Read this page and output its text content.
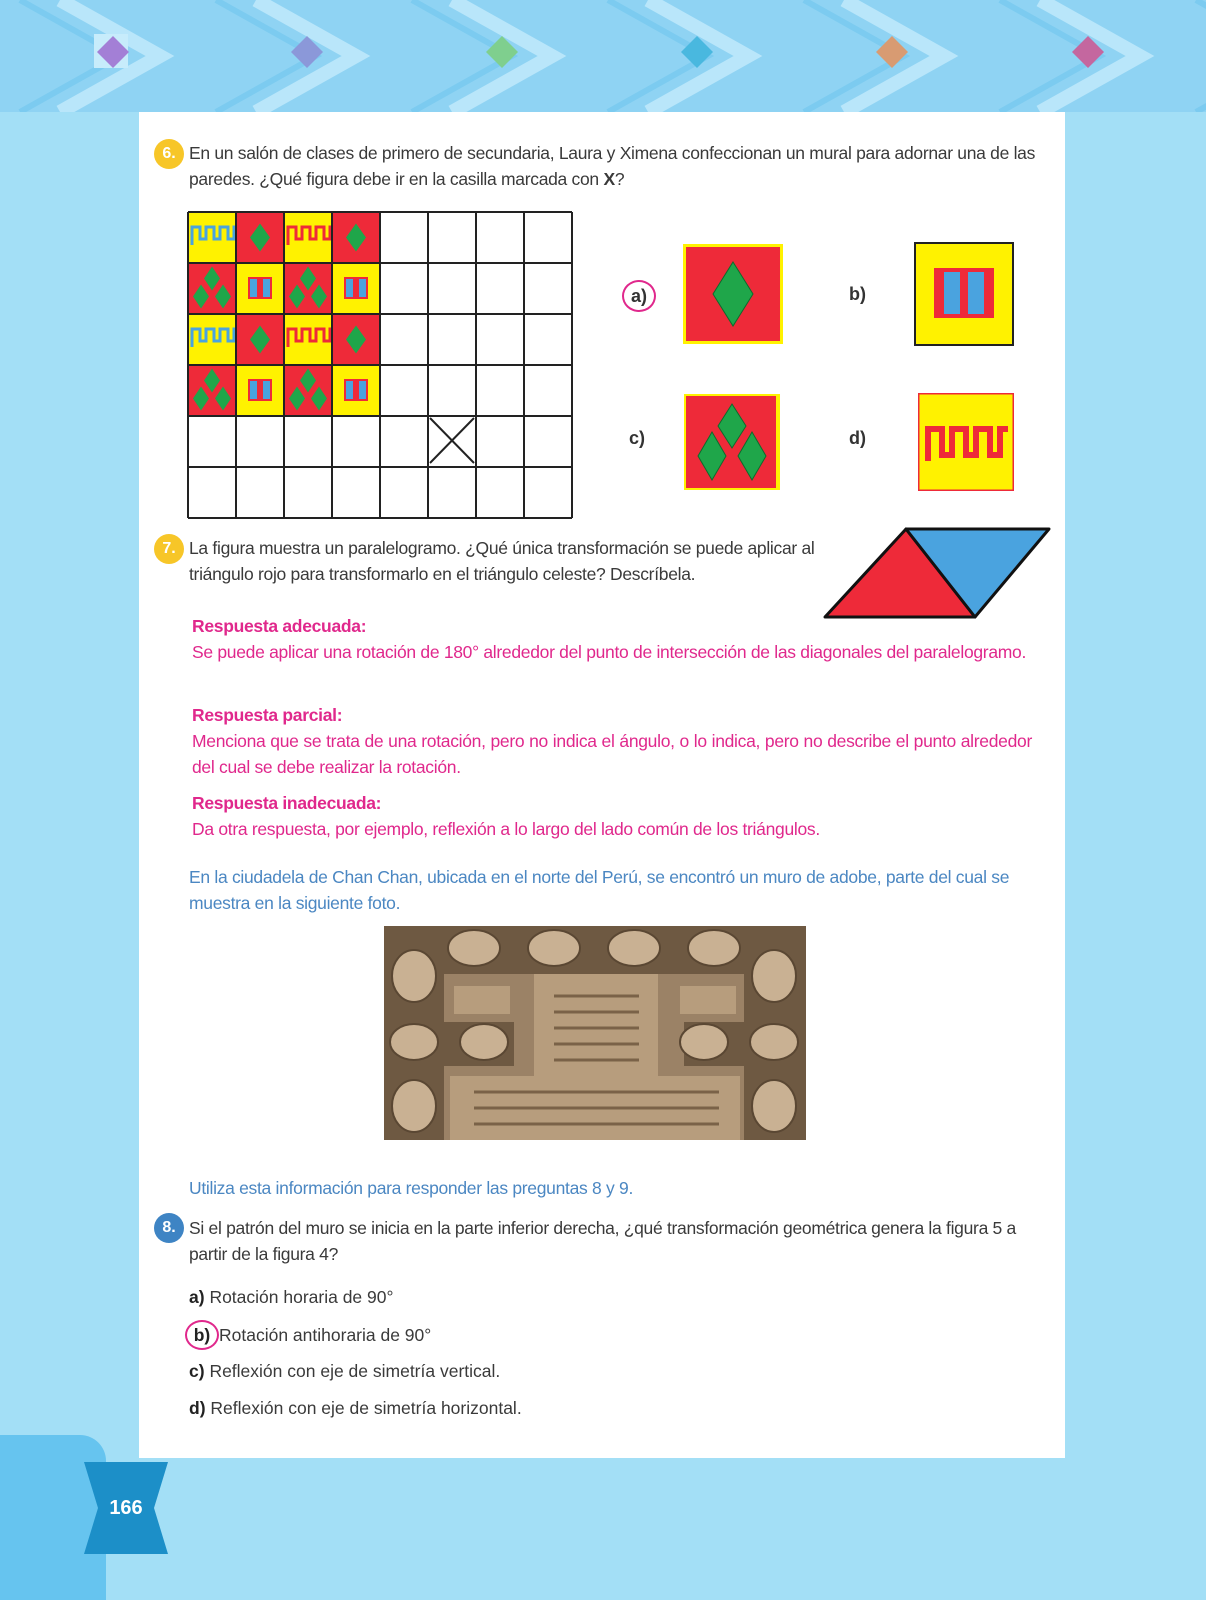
166
6. En un salón de clases de primero de secundaria, Laura y Ximena confeccionan un mural para adornar una de las paredes. ¿Qué figura debe ir en la casilla marcada con X?
a)	b)
c)	d)
7. La figura muestra un paralelogramo. ¿Qué única transformación se puede aplicar al triángulo rojo para transformarlo en el triángulo celeste? Descríbela.
Respuesta adecuada:
Se puede aplicar una rotación de 180° alrededor del punto de intersección de las diagonales del paralelogramo.
Respuesta parcial:
Menciona que se trata de una rotación, pero no indica el ángulo, o lo indica, pero no describe el punto alrededor del cual se debe realizar la rotación.
Respuesta inadecuada:
Da otra respuesta, por ejemplo, reflexión a lo largo del lado común de los triángulos.
En la ciudadela de Chan Chan, ubicada en el norte del Perú, se encontró un muro de adobe, parte del cual se muestra en la siguiente foto.
Utiliza esta información para responder las preguntas 8 y 9.
8. Si el patrón del muro se inicia en la parte inferior derecha, ¿qué transformación geométrica genera la figura 5 a partir de la figura 4?
a) Rotación horaria de 90°
b) Rotación antihoraria de 90°
c) Reflexión con eje de simetría vertical.
d) Reflexión con eje de simetría horizontal.
